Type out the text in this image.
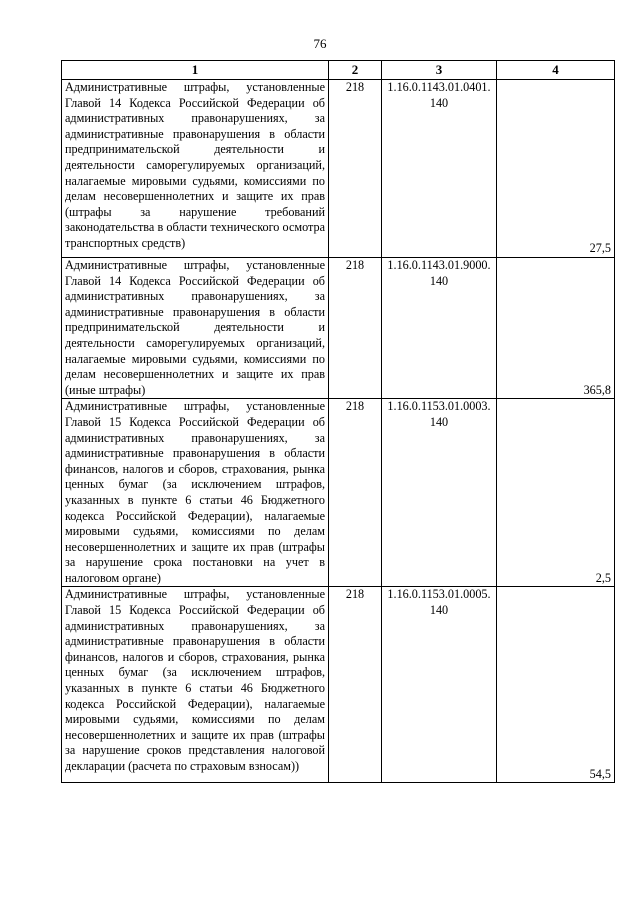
76
1	2	3	4
Административные штрафы, установленные Главой 14 Кодекса Российской Федерации об административных правонарушениях, за административные правонарушения в области предпринимательской деятельности и деятельности саморегулируемых организаций, налагаемые мировыми судьями, комиссиями по делам несовершеннолетних и защите их прав (штрафы за нарушение требований законодательства в области технического осмотра транспортных средств)	218	1.16.0.1143.01.0401. 140	27,5
Административные штрафы, установленные Главой 14 Кодекса Российской Федерации об административных правонарушениях, за административные правонарушения в области предпринимательской деятельности и деятельности саморегулируемых организаций, налагаемые мировыми судьями, комиссиями по делам несовершеннолетних и защите их прав (иные штрафы)	218	1.16.0.1143.01.9000. 140	365,8
Административные штрафы, установленные Главой 15 Кодекса Российской Федерации об административных правонарушениях, за административные правонарушения в области финансов, налогов и сборов, страхования, рынка ценных бумаг (за исключением штрафов, указанных в пункте 6 статьи 46 Бюджетного кодекса Российской Федерации), налагаемые мировыми судьями, комиссиями по делам несовершеннолетних и защите их прав (штрафы за нарушение срока постановки на учет в налоговом органе)	218	1.16.0.1153.01.0003. 140	2,5
Административные штрафы, установленные Главой 15 Кодекса Российской Федерации об административных правонарушениях, за административные правонарушения в области финансов, налогов и сборов, страхования, рынка ценных бумаг (за исключением штрафов, указанных в пункте 6 статьи 46 Бюджетного кодекса Российской Федерации), налагаемые мировыми судьями, комиссиями по делам несовершеннолетних и защите их прав (штрафы за нарушение сроков представления налоговой декларации (расчета по страховым взносам))	218	1.16.0.1153.01.0005. 140	54,5
